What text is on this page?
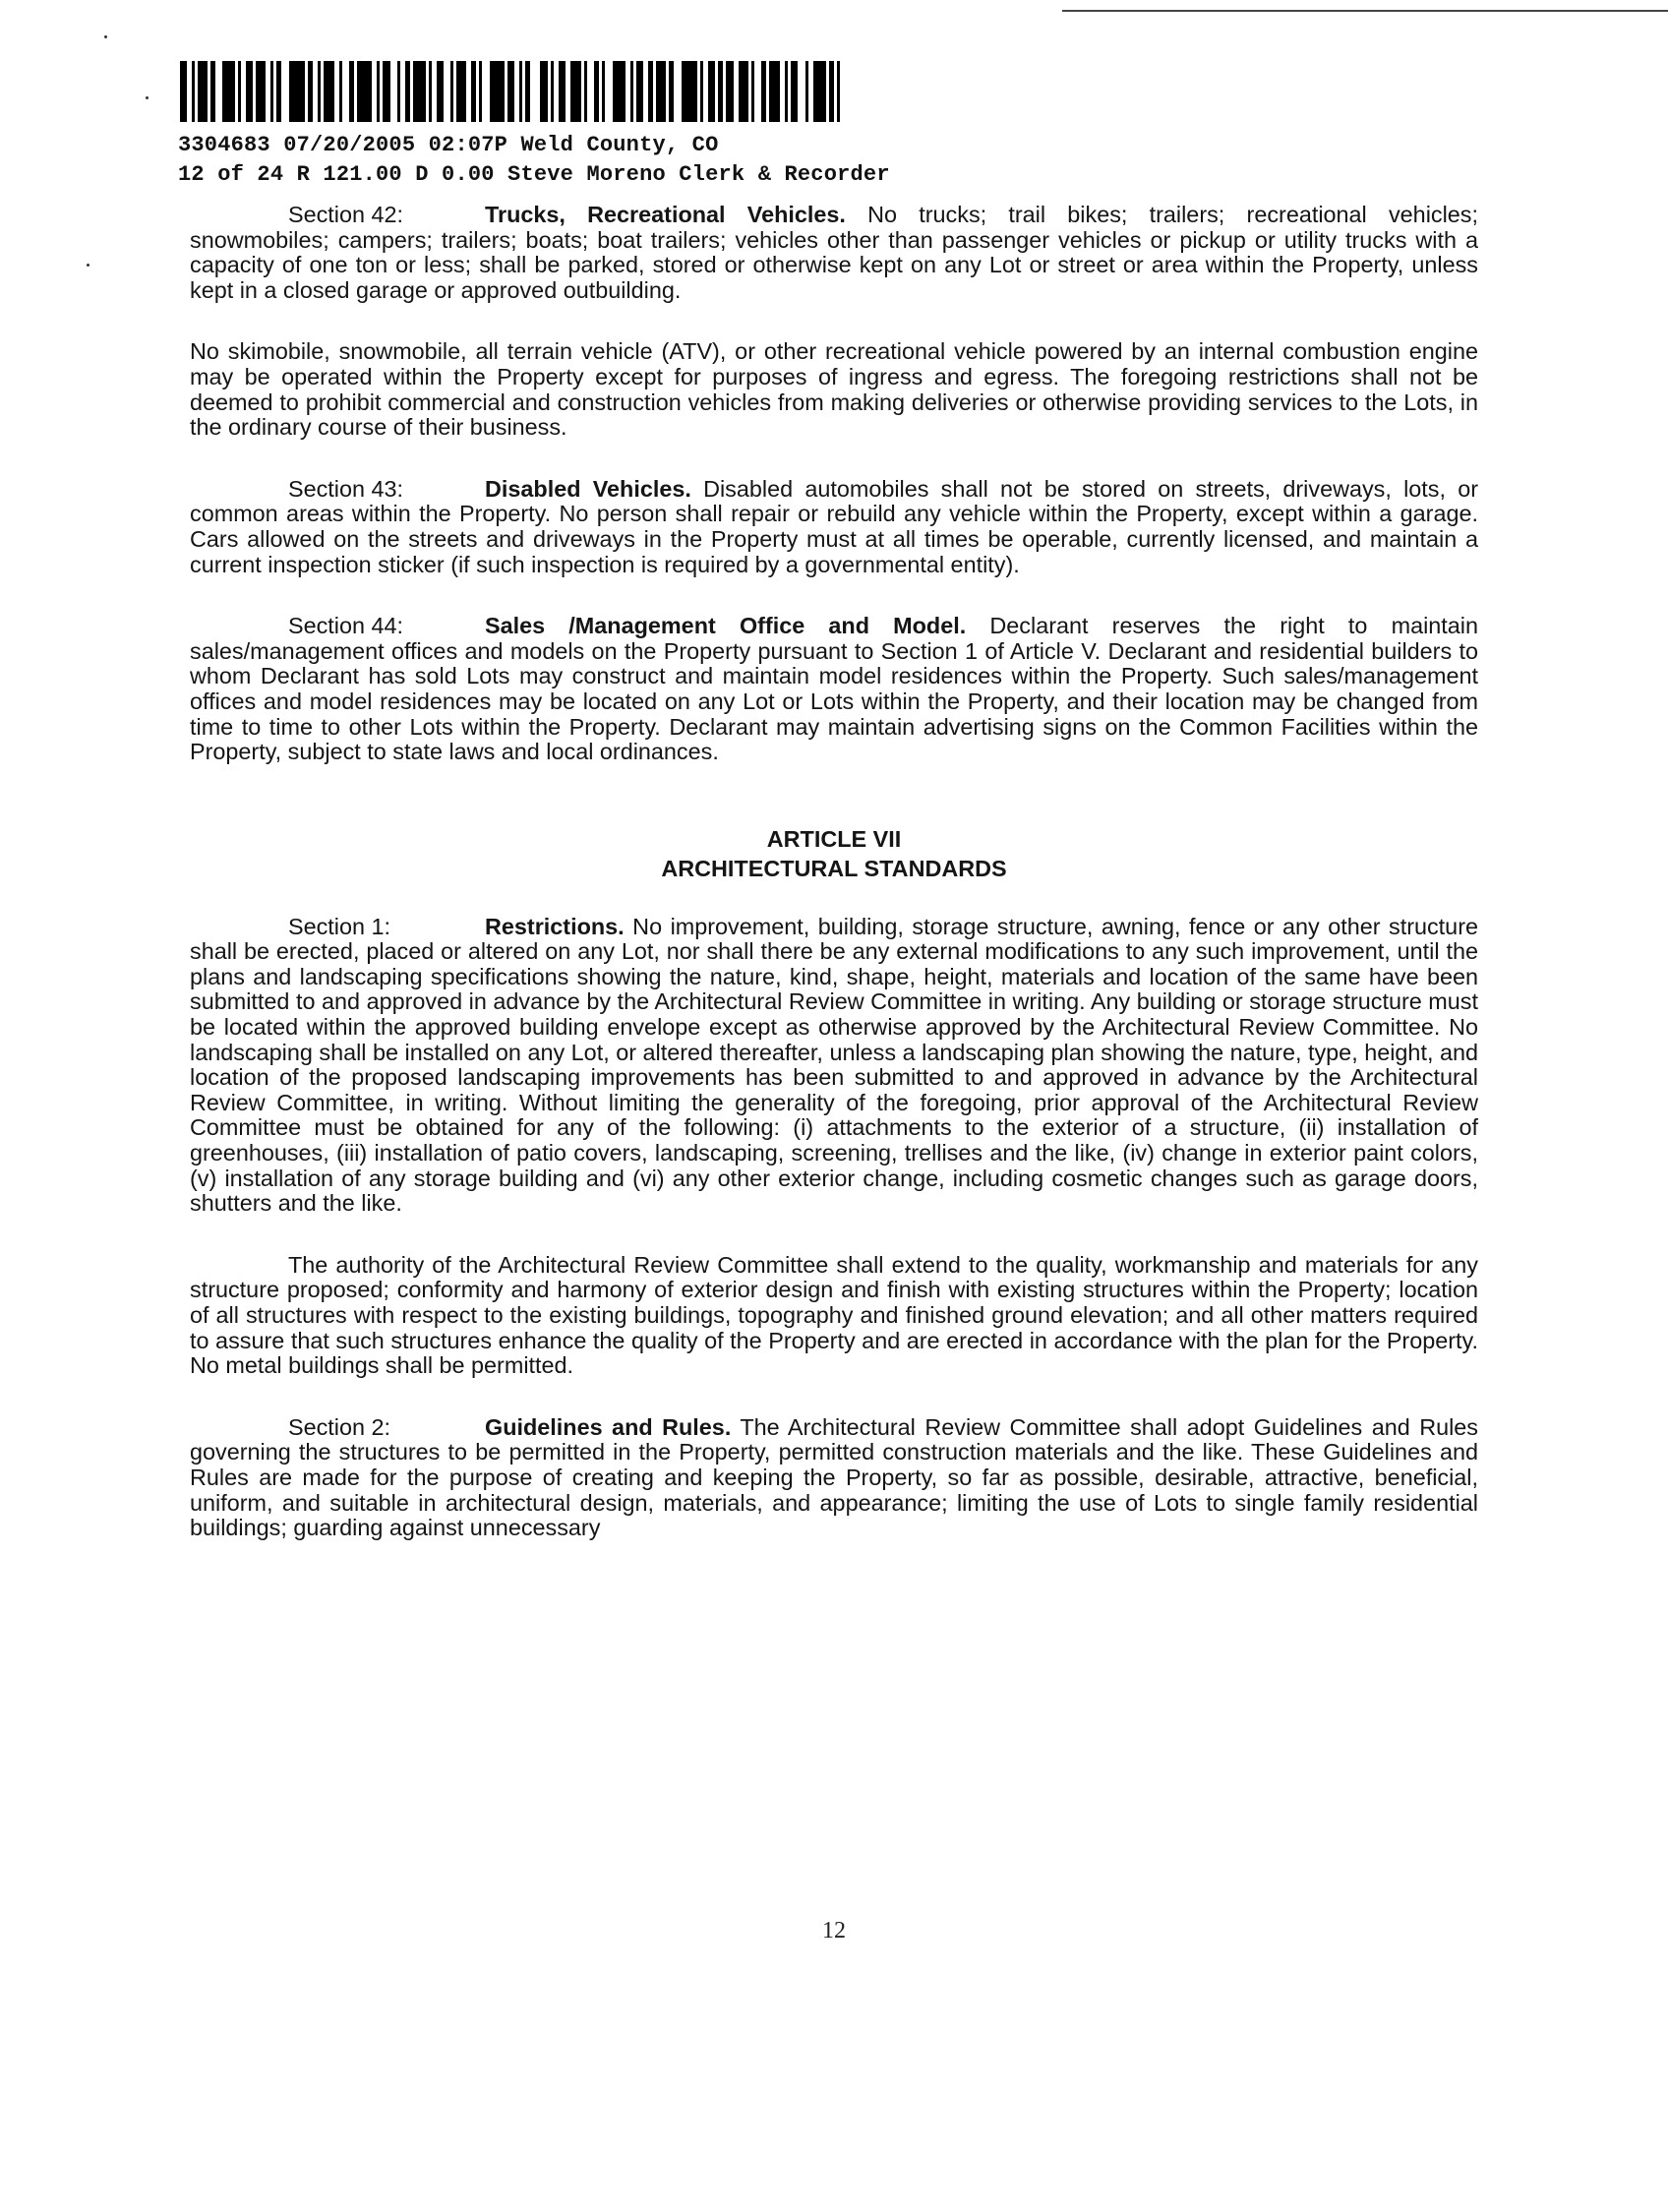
3304683 07/20/2005 02:07P Weld County, CO
12 of 24 R 121.00 D 0.00 Steve Moreno Clerk & Recorder

Section 42:	Trucks, Recreational Vehicles. No trucks; trail bikes; trailers; recreational vehicles; snowmobiles; campers; trailers; boats; boat trailers; vehicles other than passenger vehicles or pickup or utility trucks with a capacity of one ton or less; shall be parked, stored or otherwise kept on any Lot or street or area within the Property, unless kept in a closed garage or approved outbuilding.

No skimobile, snowmobile, all terrain vehicle (ATV), or other recreational vehicle powered by an internal combustion engine may be operated within the Property except for purposes of ingress and egress. The foregoing restrictions shall not be deemed to prohibit commercial and construction vehicles from making deliveries or otherwise providing services to the Lots, in the ordinary course of their business.

Section 43:	Disabled Vehicles. Disabled automobiles shall not be stored on streets, driveways, lots, or common areas within the Property. No person shall repair or rebuild any vehicle within the Property, except within a garage. Cars allowed on the streets and driveways in the Property must at all times be operable, currently licensed, and maintain a current inspection sticker (if such inspection is required by a governmental entity).

Section 44:	Sales /Management Office and Model. Declarant reserves the right to maintain sales/management offices and models on the Property pursuant to Section 1 of Article V. Declarant and residential builders to whom Declarant has sold Lots may construct and maintain model residences within the Property. Such sales/management offices and model residences may be located on any Lot or Lots within the Property, and their location may be changed from time to time to other Lots within the Property. Declarant may maintain advertising signs on the Common Facilities within the Property, subject to state laws and local ordinances.

ARTICLE VII
ARCHITECTURAL STANDARDS

Section 1:	Restrictions. No improvement, building, storage structure, awning, fence or any other structure shall be erected, placed or altered on any Lot, nor shall there be any external modifications to any such improvement, until the plans and landscaping specifications showing the nature, kind, shape, height, materials and location of the same have been submitted to and approved in advance by the Architectural Review Committee in writing. Any building or storage structure must be located within the approved building envelope except as otherwise approved by the Architectural Review Committee. No landscaping shall be installed on any Lot, or altered thereafter, unless a landscaping plan showing the nature, type, height, and location of the proposed landscaping improvements has been submitted to and approved in advance by the Architectural Review Committee, in writing. Without limiting the generality of the foregoing, prior approval of the Architectural Review Committee must be obtained for any of the following: (i) attachments to the exterior of a structure, (ii) installation of greenhouses, (iii) installation of patio covers, landscaping, screening, trellises and the like, (iv) change in exterior paint colors, (v) installation of any storage building and (vi) any other exterior change, including cosmetic changes such as garage doors, shutters and the like.

The authority of the Architectural Review Committee shall extend to the quality, workmanship and materials for any structure proposed; conformity and harmony of exterior design and finish with existing structures within the Property; location of all structures with respect to the existing buildings, topography and finished ground elevation; and all other matters required to assure that such structures enhance the quality of the Property and are erected in accordance with the plan for the Property. No metal buildings shall be permitted.

Section 2:	Guidelines and Rules. The Architectural Review Committee shall adopt Guidelines and Rules governing the structures to be permitted in the Property, permitted construction materials and the like. These Guidelines and Rules are made for the purpose of creating and keeping the Property, so far as possible, desirable, attractive, beneficial, uniform, and suitable in architectural design, materials, and appearance; limiting the use of Lots to single family residential buildings; guarding against unnecessary

12
